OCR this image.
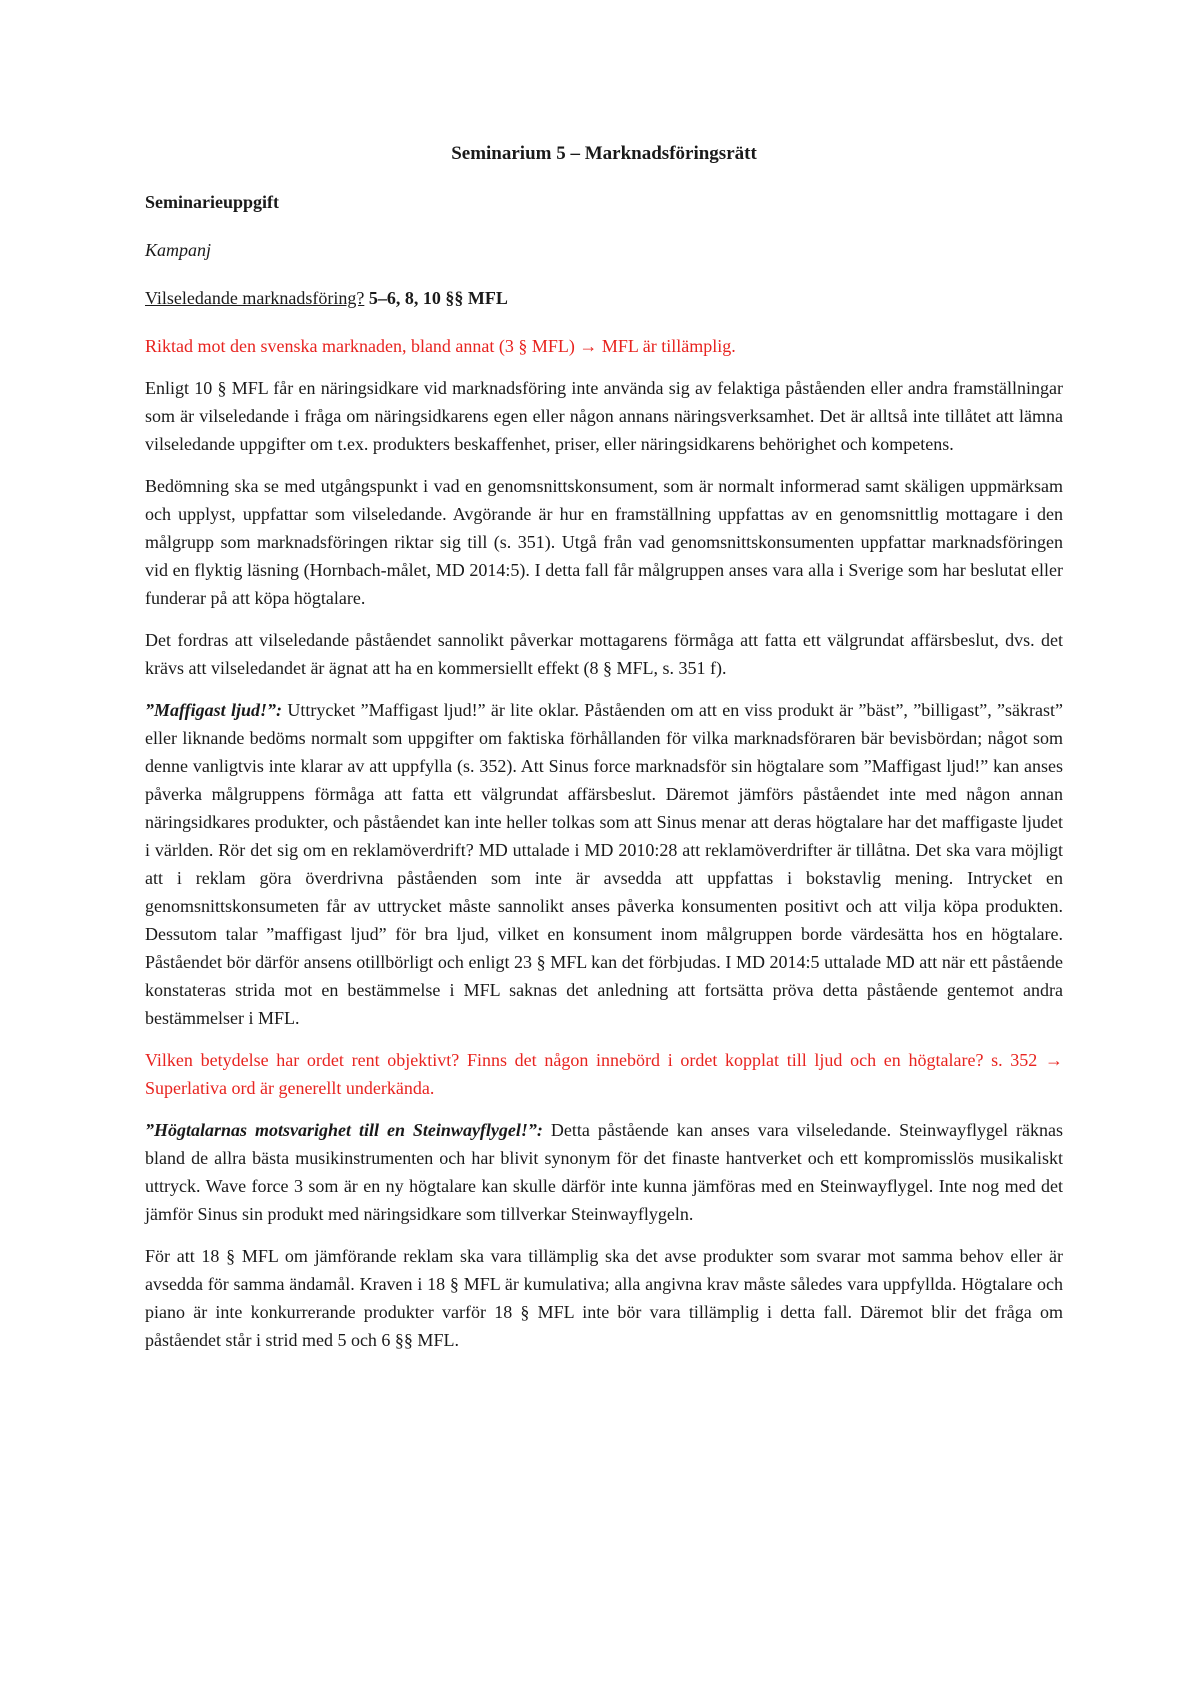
Seminarium 5 – Marknadsföringsrätt
Seminarieuppgift
Kampanj
Vilseledande marknadsföring? 5–6, 8, 10 §§ MFL

Riktad mot den svenska marknaden, bland annat (3 § MFL) → MFL är tillämplig.

Enligt 10 § MFL får en näringsidkare vid marknadsföring inte använda sig av felaktiga påståenden eller andra framställningar som är vilseledande i fråga om näringsidkarens egen eller någon annans näringsverksamhet. Det är alltså inte tillåtet att lämna vilseledande uppgifter om t.ex. produkters beskaffenhet, priser, eller näringsidkarens behörighet och kompetens.

Bedömning ska se med utgångspunkt i vad en genomsnittskonsument, som är normalt informerad samt skäligen uppmärksam och upplyst, uppfattar som vilseledande. Avgörande är hur en framställning uppfattas av en genomsnittlig mottagare i den målgrupp som marknadsföringen riktar sig till (s. 351). Utgå från vad genomsnittskonsumenten uppfattar marknadsföringen vid en flyktig läsning (Hornbach-målet, MD 2014:5). I detta fall får målgruppen anses vara alla i Sverige som har beslutat eller funderar på att köpa högtalare.

Det fordras att vilseledande påståendet sannolikt påverkar mottagarens förmåga att fatta ett välgrundat affärsbeslut, dvs. det krävs att vilseledandet är ägnat att ha en kommersiellt effekt (8 § MFL, s. 351 f).

”Maffigast ljud!”: Uttrycket ”Maffigast ljud!” är lite oklar. Påståenden om att en viss produkt är ”bäst”, ”billigast”, ”säkrast” eller liknande bedöms normalt som uppgifter om faktiska förhållanden för vilka marknadsföraren bär bevisbördan; något som denne vanligtvis inte klarar av att uppfylla (s. 352). Att Sinus force marknadsför sin högtalare som ”Maffigast ljud!” kan anses påverka målgruppens förmåga att fatta ett välgrundat affärsbeslut. Däremot jämförs påståendet inte med någon annan näringsidkares produkter, och påståendet kan inte heller tolkas som att Sinus menar att deras högtalare har det maffigaste ljudet i världen. Rör det sig om en reklamöverdrift? MD uttalade i MD 2010:28 att reklamöverdrifter är tillåtna. Det ska vara möjligt att i reklam göra överdrivna påståenden som inte är avsedda att uppfattas i bokstavlig mening. Intrycket en genomsnittskonsumeten får av uttrycket måste sannolikt anses påverka konsumenten positivt och att vilja köpa produkten. Dessutom talar ”maffigast ljud” för bra ljud, vilket en konsument inom målgruppen borde värdesätta hos en högtalare. Påståendet bör därför ansens otillbörligt och enligt 23 § MFL kan det förbjudas. I MD 2014:5 uttalade MD att när ett påstående konstateras strida mot en bestämmelse i MFL saknas det anledning att fortsätta pröva detta påstående gentemot andra bestämmelser i MFL.

Vilken betydelse har ordet rent objektivt? Finns det någon innebörd i ordet kopplat till ljud och en högtalare? s. 352 → Superlativa ord är generellt underkända.

”Högtalarnas motsvarighet till en Steinwayflygel!”: Detta påstående kan anses vara vilseledande. Steinwayflygel räknas bland de allra bästa musikinstrumenten och har blivit synonym för det finaste hantverket och ett kompromisslös musikaliskt uttryck. Wave force 3 som är en ny högtalare kan skulle därför inte kunna jämföras med en Steinwayflygel. Inte nog med det jämför Sinus sin produkt med näringsidkare som tillverkar Steinwayflygeln.

För att 18 § MFL om jämförande reklam ska vara tillämplig ska det avse produkter som svarar mot samma behov eller är avsedda för samma ändamål. Kraven i 18 § MFL är kumulativa; alla angivna krav måste således vara uppfyllda. Högtalare och piano är inte konkurrerande produkter varför 18 § MFL inte bör vara tillämplig i detta fall. Däremot blir det fråga om påståendet står i strid med 5 och 6 §§ MFL.
